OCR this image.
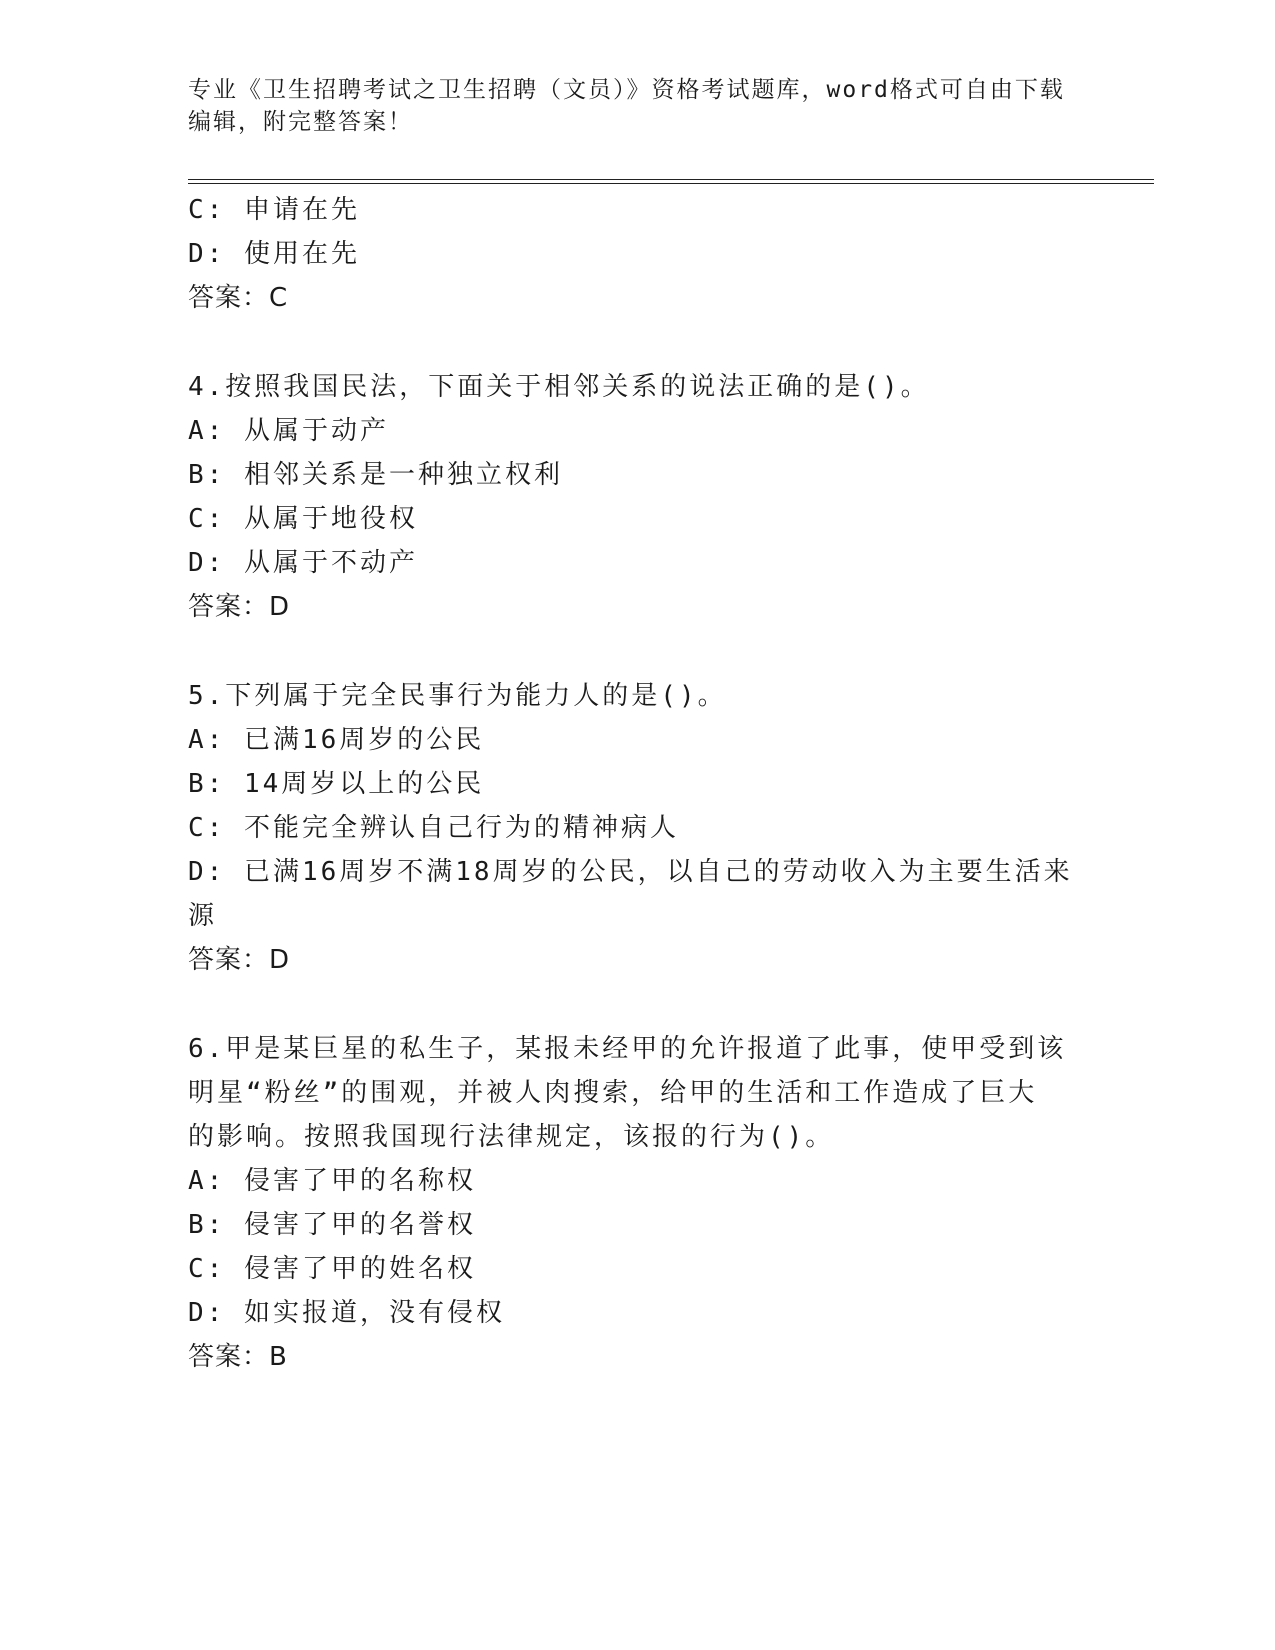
专业《卫生招聘考试之卫生招聘（文员）》资格考试题库，word格式可自由下载
编辑，附完整答案！
C: 申请在先
D: 使用在先
答案：C
4.按照我国民法，下面关于相邻关系的说法正确的是()。
A: 从属于动产
B: 相邻关系是一种独立权利
C: 从属于地役权
D: 从属于不动产
答案：D
5.下列属于完全民事行为能力人的是()。
A: 已满16周岁的公民
B: 14周岁以上的公民
C: 不能完全辨认自己行为的精神病人
D: 已满16周岁不满18周岁的公民，以自己的劳动收入为主要生活来
源
答案：D
6.甲是某巨星的私生子，某报未经甲的允许报道了此事，使甲受到该
明星“粉丝”的围观，并被人肉搜索，给甲的生活和工作造成了巨大
的影响。按照我国现行法律规定，该报的行为()。
A: 侵害了甲的名称权
B: 侵害了甲的名誉权
C: 侵害了甲的姓名权
D: 如实报道，没有侵权
答案：B
